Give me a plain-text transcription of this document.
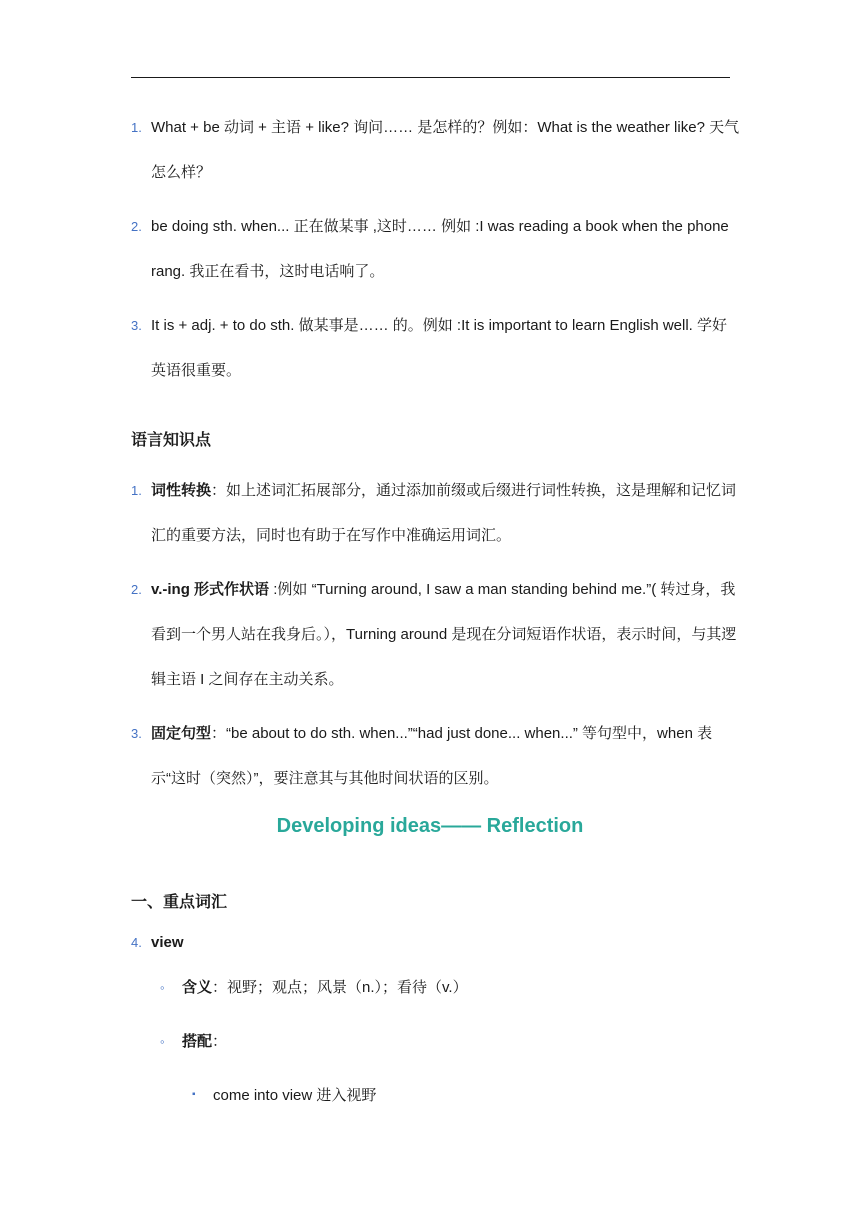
1. What + be 动词 + 主语 + like? 询问…… 是怎样的？例如：What is the weather like? 天气怎么样？
2. be doing sth. when... 正在做某事 ,这时…… 例如 :I was reading a book when the phone rang. 我正在看书，这时电话响了。
3. It is + adj. + to do sth. 做某事是…… 的。例如 :It is important to learn English well. 学好英语很重要。
语言知识点
1. 词性转换：如上述词汇拓展部分，通过添加前缀或后缀进行词性转换，这是理解和记忆词汇的重要方法，同时也有助于在写作中准确运用词汇。
2. v.-ing 形式作状语 :例如 “Turning around, I saw a man standing behind me.”( 转过身，我看到一个男人站在我身后。），Turning around 是现在分词短语作状语，表示时间，与其逻辑主语 I 之间存在主动关系。
3. 固定句型：“be about to do sth. when...”“had just done... when...” 等句型中，when 表示“这时（突然）”，要注意其与其他时间状语的区别。
Developing ideas—— Reflection
一、重点词汇
4. view
◦ 含义：视野；观点；风景（n.）；看待（v.）
◦ 搭配：
▪ come into view 进入视野
